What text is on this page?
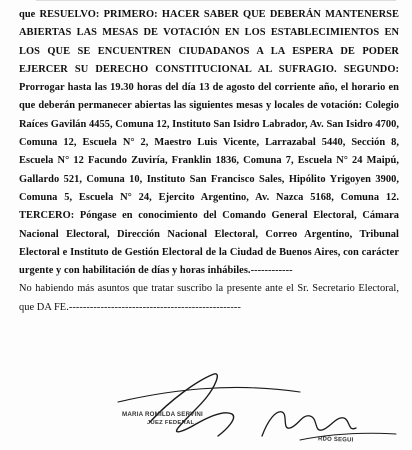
que RESUELVO: PRIMERO: HACER SABER QUE DEBERÁN MANTENERSE ABIERTAS LAS MESAS DE VOTACIÓN EN LOS ESTABLECIMIENTOS EN LOS QUE SE ENCUENTREN CIUDADANOS A LA ESPERA DE PODER EJERCER SU DERECHO CONSTITUCIONAL AL SUFRAGIO. SEGUNDO: Prorrogar hasta las 19.30 horas del día 13 de agosto del corriente año, el horario en que deberán permanecer abiertas las siguientes mesas y locales de votación: Colegio Raíces Gavilán 4455, Comuna 12, Instituto San Isidro Labrador, Av. San Isidro 4700, Comuna 12, Escuela N° 2, Maestro Luis Vicente, Larrazabal 5440, Sección 8, Escuela N° 12 Facundo Zuviría, Franklin 1836, Comuna 7, Escuela N° 24 Maipú, Gallardo 521, Comuna 10, Instituto San Francisco Sales, Hipólito Yrigoyen 3900, Comuna 5, Escuela N° 24, Ejercito Argentino, Av. Nazca 5168, Comuna 12. TERCERO: Póngase en conocimiento del Comando General Electoral, Cámara Nacional Electoral, Dirección Nacional Electoral, Correo Argentino, Tribunal Electoral e Instituto de Gestión Electoral de la Ciudad de Buenos Aires, con carácter urgente y con habilitación de días y horas inhábiles.------------

No habiendo más asuntos que tratar suscribo la presente ante el Sr. Secretario Electoral, que DA FE.-------------------------------------------------

MARIA ROMILDA SERVINI
JUEZ FEDERAL
RDO SEGUI
